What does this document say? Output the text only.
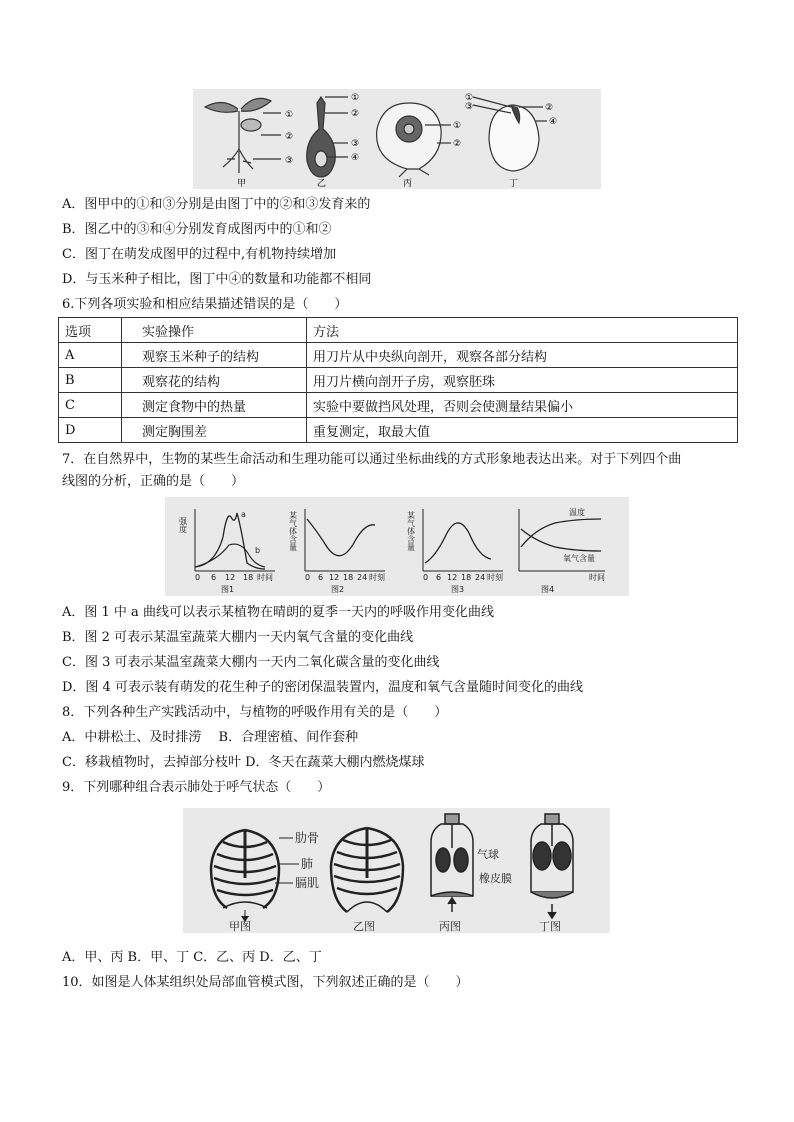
①
②
③
甲
①
②
③
④
乙
①
②
丙
①
③	②
④
丁
A．图甲中的①和③分别是由图丁中的②和③发育来的
B．图乙中的③和④分别发育成图丙中的①和②
C．图丁在萌发成图甲的过程中,有机物持续增加
D．与玉米种子相比，图丁中④的数量和功能都不相同
6.下列各项实验和相应结果描述错误的是（　　）
选项	实验操作	方法
A	观察玉米种子的结构	用刀片从中央纵向剖开，观察各部分结构
B	观察花的结构	用刀片横向剖开子房，观察胚珠
C	测定食物中的热量	实验中要做挡风处理，否则会使测量结果偏小
D	测定胸围差	重复测定，取最大值
7．在自然界中，生物的某些生命活动和生理功能可以通过坐标曲线的方式形象地表达出来。对于下列四个曲
线图的分析，正确的是（　　）
强度
a
b
0 6 12 18 时间
图1
某气体含量
0 6 12 18 24 时刻
图2
某气体含量
0 6 12 18 24 时刻
图3
温度
氧气含量
时间
图4
A．图 1 中 a 曲线可以表示某植物在晴朗的夏季一天内的呼吸作用变化曲线
B．图 2 可表示某温室蔬菜大棚内一天内氧气含量的变化曲线
C．图 3 可表示某温室蔬菜大棚内一天内二氧化碳含量的变化曲线
D．图 4 可表示装有萌发的花生种子的密闭保温装置内，温度和氧气含量随时间变化的曲线
8．下列各种生产实践活动中，与植物的呼吸作用有关的是（　　）
A．中耕松土、及时排涝　 B．合理密植、间作套种
C．移栽植物时，去掉部分枝叶 D．冬天在蔬菜大棚内燃烧煤球
9．下列哪种组合表示肺处于呼气状态（　　）
甲图
肋骨
肺
膈肌
乙图
气球
橡皮膜
丙图	丁图
A．甲、丙 B．甲、丁 C．乙、丙 D．乙、丁
10．如图是人体某组织处局部血管模式图，下列叙述正确的是（　　）
